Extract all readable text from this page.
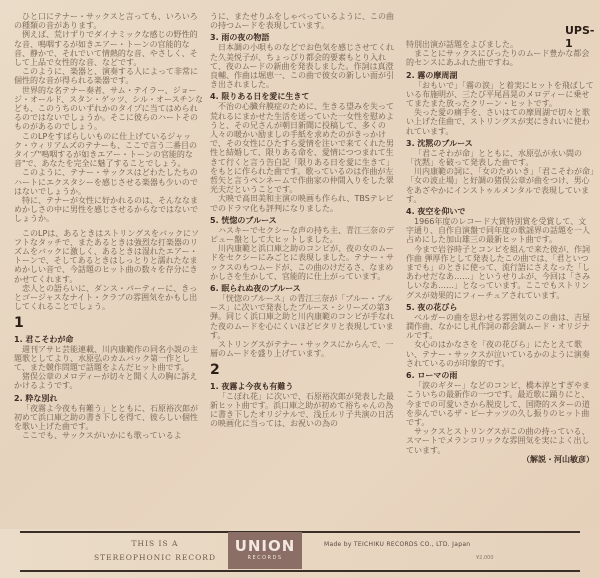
UPS-1

ひと口にテナー・サックスと言っても、いろいろの種類の音があります。

例えば、荒けずりでダイナミックな感じの野性的な音、鳴咽するが如きエアー・トーンの官能的な音、静かで、それでいて情熱的な音、やさしく、そして上品で女性的な音、などです。

このように、楽器と、演奏する人によって非常に個性的な音が得られる楽器です。

世界的な名テナー奏者、サム・テイラー、ジョージ・オールド、スタン・ゲッツ、シル・オースチンなども、このうちのいずれかのタイプに当てはめられるのではないでしょうか。そこに彼らのハートそのものがあるのでしょう。

このLPをすばらしいものに仕上げているジャック・ウィリアムズのテナーも、ここで言う二番目のタイプ"鳴咽するが如きエアー・トーンの官能的な音"で、あなたを完全に魅了することでしょう。

このように、テナー・サックスはどわたしたちのハートにエクスタシーを感じさせる楽器も少いのではないでしょうか。

特に、テナーが女性に好かれるのは、そんななまめかしさの中に男性を感じさせるからなではないでしょうか。

このLPは、あるときはストリングスをバックにソフトなタッチで、またあるときは強烈な打楽器のリズムをバックに激しく、あるときは湿れたエアー・トーンで、そしてあるときはしっとりと濡れたなまめかしい音で、今話題のヒット曲の数々を存分にきかせてくれます。

恋人との語らいに、ダンス・パーティーに、きっとゴージャスなナイト・クラブの雰囲気をかもし出してくれることでしょう。

1
1. 君こそわが命

週刊アサヒ芸能連載、川内康範作の同名小説の主題歌としてより、水原弘のカムバック第一作として、また競作問題で話題をよんだヒット曲です。

猪俣公章のメロディーが切々と聞く人の胸に訴えかけるようです。

2. 粋な別れ

「夜霧よ今夜も有難う」とともに、石原裕次郎が初めて浜口庫之助の書き下しを得て、彼らしい個性を歌い上げた曲です。

ここでも、サックスがいかにも歌っているよ

うに、またせりふをしゃべっているように、この曲の持つムードを表現しています。

3. 雨の夜の物語

日本調の小唄ものなどでお色気を感じさせてくれた久美悦子が、ちょっぴり都会的要素もとり入れて、夜のムードの新曲を発表しました。作詞は真澄良輔、作曲は堀恵一、この曲で彼女の新しい面が引き出されました。

4. 限りある日を愛に生きて

不治の心臓弁膜症のために、生きる望みを失って荒れるにまかせた生活を送っていた一女性を慰めようと、その兄さんが朝日新聞に投稿して、多くの人々の暖かい励ましの手紙を求めたのがきっかけで、その女性にひたすら愛情を注いで来てくれた男性と結婚して、限りある命を、愛情につつまれて生きて行くと言う告白記「限りある日を愛に生きて」をもとに作られた曲です。歌っているのは作曲が左哲矢と言うペンネームで作曲家の仲間入りをした翠光夫だということです。

大映で高田美和主演の映画も作られ、TBSテレビでのドラマ化も評判になりました。

5. 恍惚のブルース

ハスキーでセクシーな声の持ち主、青江三奈のデビュー盤として大ヒットしました。

川内康範と浜口庫之助のコンビが、夜の女のムードをセクシーにみごとに表現しました。テナー・サックスのもつムードが、この曲のけだるさ、なまめかしさを生かして、官能的に仕上がっています。

6. 眠られぬ夜のブルース

「恍惚のブルース」の青江三奈が「ブルー・ブルース」に次いで発表したブルース・シリーズの第3弾。同じく浜口庫之助と川内康範のコンビが手なれた夜のムードを心にくいほどピタリと表現しています。

ストリングスがテナー・サックスにからんで、一層のムードを盛り上げています。

2
1. 夜霧よ今夜も有難う

「こぼれ花」に次いで、石原裕次郎が発表した最新ヒット曲です。浜口庫之助が初めて裕ちゃんの為に書き下したオリジナルで、浅丘ルリ子共演の日活の映画化に当っては、お祝いの為の

特別出演が話題をよびました。

まことにサックスにぴったりのムード豊かな都会的センスにあふれた曲ですね。

2. 霧の摩周湖

「おもいで」「霧の涙」と着実にヒットを飛ばしている布施明が、三たび平尾昌晃のメロディーに乗せてまたまた放ったクリーン・ヒットです。

失った愛の痛手を、さいはての摩周湖で切々と歌い上げた佳曲で、ストリングスが実にきれいに使われています。

3. 沈黙のブルース

「君こそわが命」とともに、水原弘が永い間の「沈黙」を破って発表した曲です。

川内康範の詞に、「女のためいき」「君こそわが命」「女の波止場」と好調の猪俣公章が曲をつけ、男心をあざやかにインストゥルメンタルで表現しています。

4. 夜空を仰いで

1966年度のレコード大賞特別賞を受賞して、文字通り、自作自演盤で同年度の歌謡界の話題を一人占めにした加山雄三の最新ヒット曲です。

今まで岩谷時子とコンビを組んで来た彼が、作詞作曲 弾厚作として発表したこの曲では、「君といつまでも」のときに使って、流行語にさえなった「しあわせだなあ……」というせりふが、今回は「さみしいなあ……」となっています。ここでもストリングスが効果的にフィーチュアされています。

5. 夜の花びら

ベルガーの曲を思わせる雰囲気のこの曲は、吉屋潤作曲、なかにし礼作詞の都会調ムード・オリジナルです。

女心のはかなさを「夜の花びら」にたとえて歌い、テナー・サックスが泣いているかのように演奏されているのが印象的です。

6. ローマの雨

「涙のギター」などのコンビ、橋本淳とすぎやまこういちの最新作の一つです。最近歌に踊りにと、今までの可愛いさから脱皮して、国際的スターの道を歩んでいるザ・ピーナッツの久し振りのヒット曲です。

サックスとストリングスがこの曲の持っている、スマートでメランコリックな雰囲気を実によく出しています。

（解説・河山敏彦）
THIS IS A
STEREOPHONIC RECORD
UNION
RECORDS
Made by TEICHIKU RECORDS CO., LTD. Japan
¥2,000
